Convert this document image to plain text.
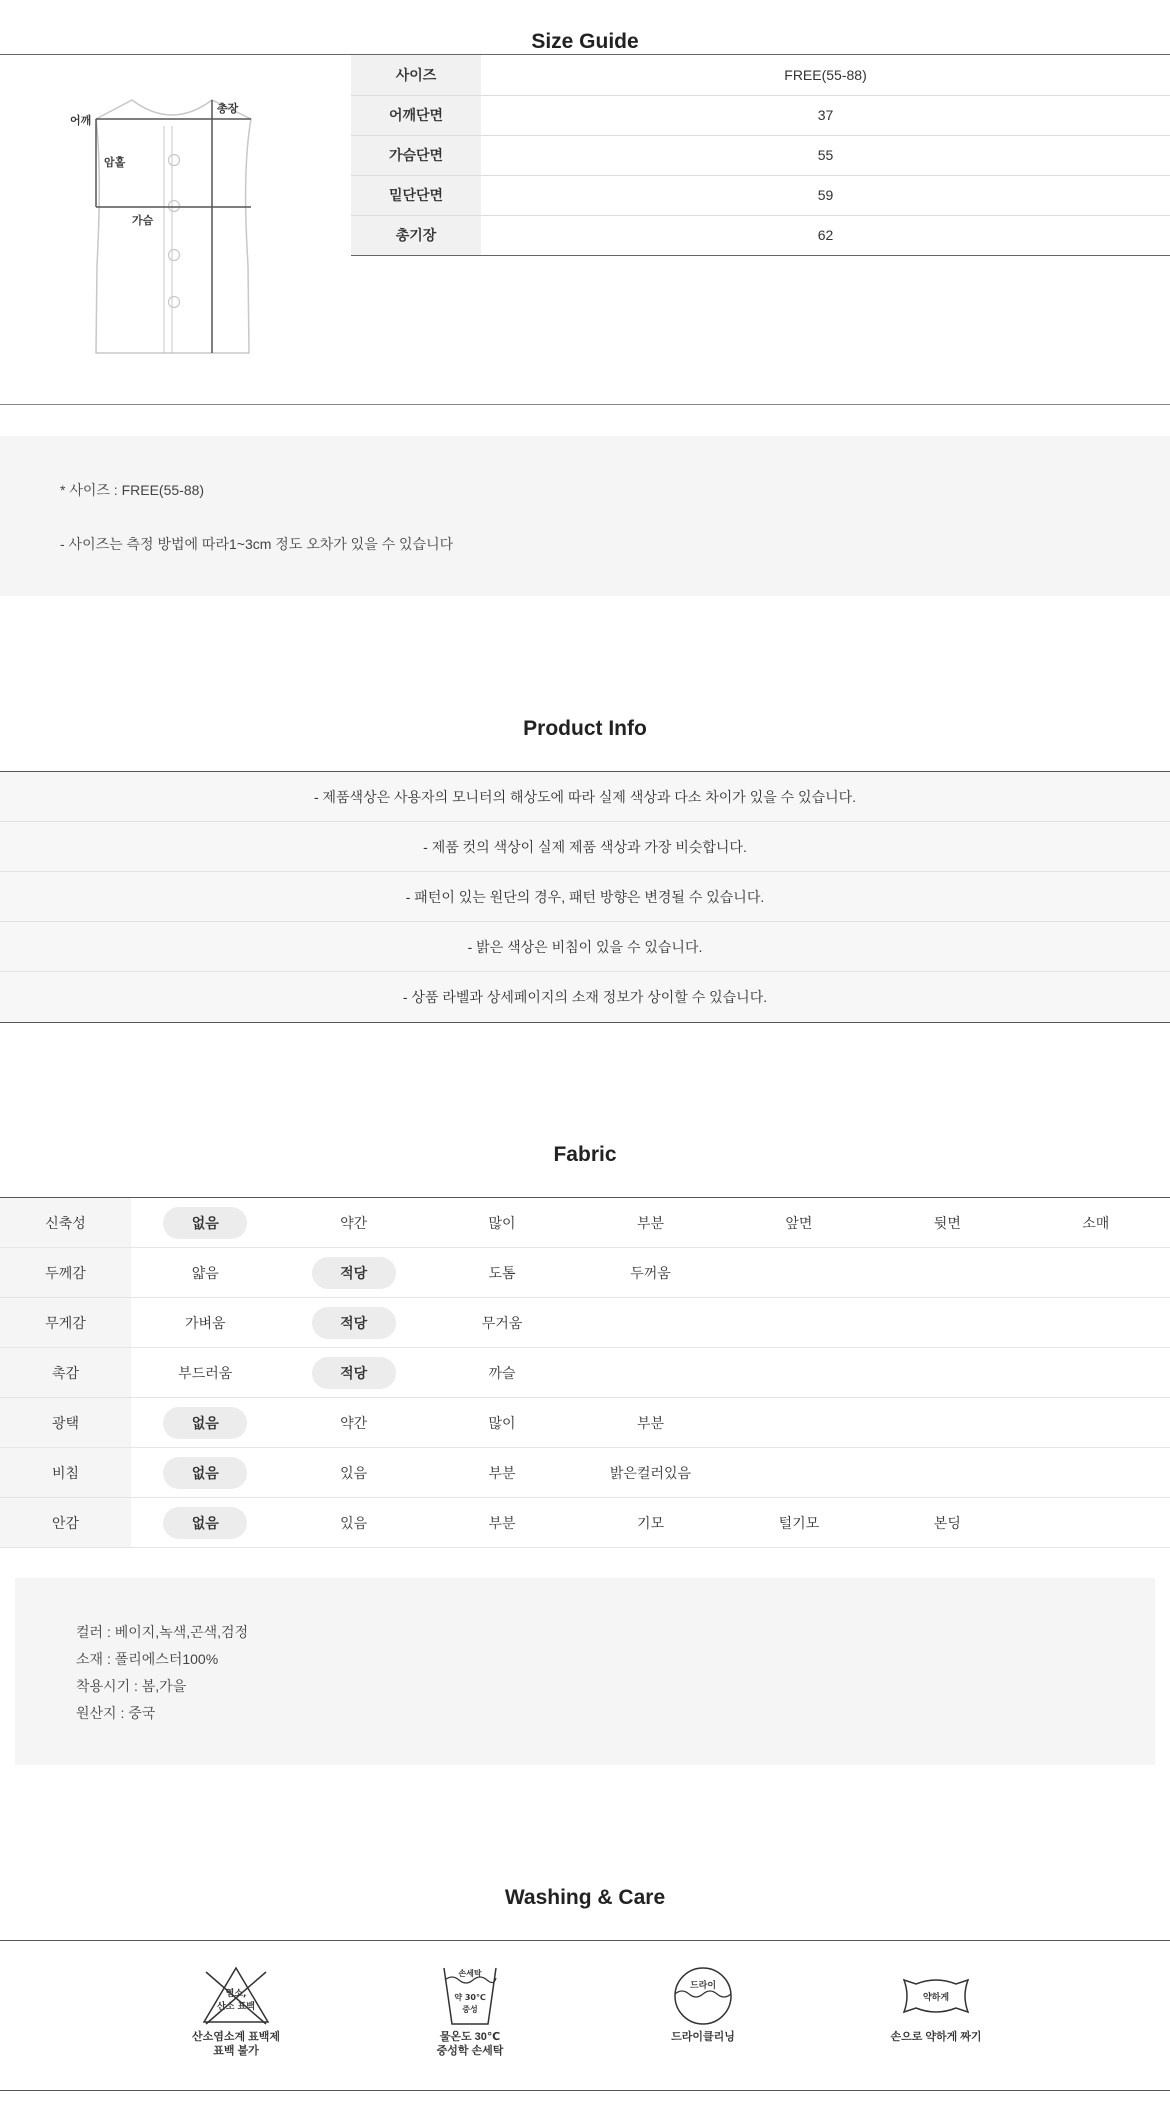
Size Guide
어깨
암홀
가슴
총장
사이즈	FREE(55-88)
어깨단면	37
가슴단면	55
밑단단면	59
총기장	62

* 사이즈 : FREE(55-88)

- 사이즈는 측정 방법에 따라1~3cm 정도 오차가 있을 수 있습니다

Product Info
- 제품색상은 사용자의 모니터의 해상도에 따라 실제 색상과 다소 차이가 있을 수 있습니다.
- 제품 컷의 색상이 실제 제품 색상과 가장 비슷합니다.
- 패턴이 있는 원단의 경우, 패턴 방향은 변경될 수 있습니다.
- 밝은 색상은 비침이 있을 수 있습니다.
- 상품 라벨과 상세페이지의 소재 정보가 상이할 수 있습니다.
Fabric
신축성	없음	약간	많이	부분	앞면	뒷면	소매
두께감	얇음	적당	도톰	두꺼움			
무게감	가벼움	적당	무거움				
촉감	부드러움	적당	까슬				
광택	없음	약간	많이	부분			
비침	없음	있음	부분	밝은컬러있음			
안감	없음	있음	부분	기모	털기모	본딩	

컬러 : 베이지,녹색,곤색,검정

소재 : 폴리에스터100%

착용시기 : 봄,가을

원산지 : 중국

Washing & Care
염소,
산소 표백
산소염소계 표백제
표백 불가
손세탁
약 30℃
중성
물온도 30℃
중성학 손세탁
드라이
드라이클리닝
약하게
손으로 약하게 짜기
